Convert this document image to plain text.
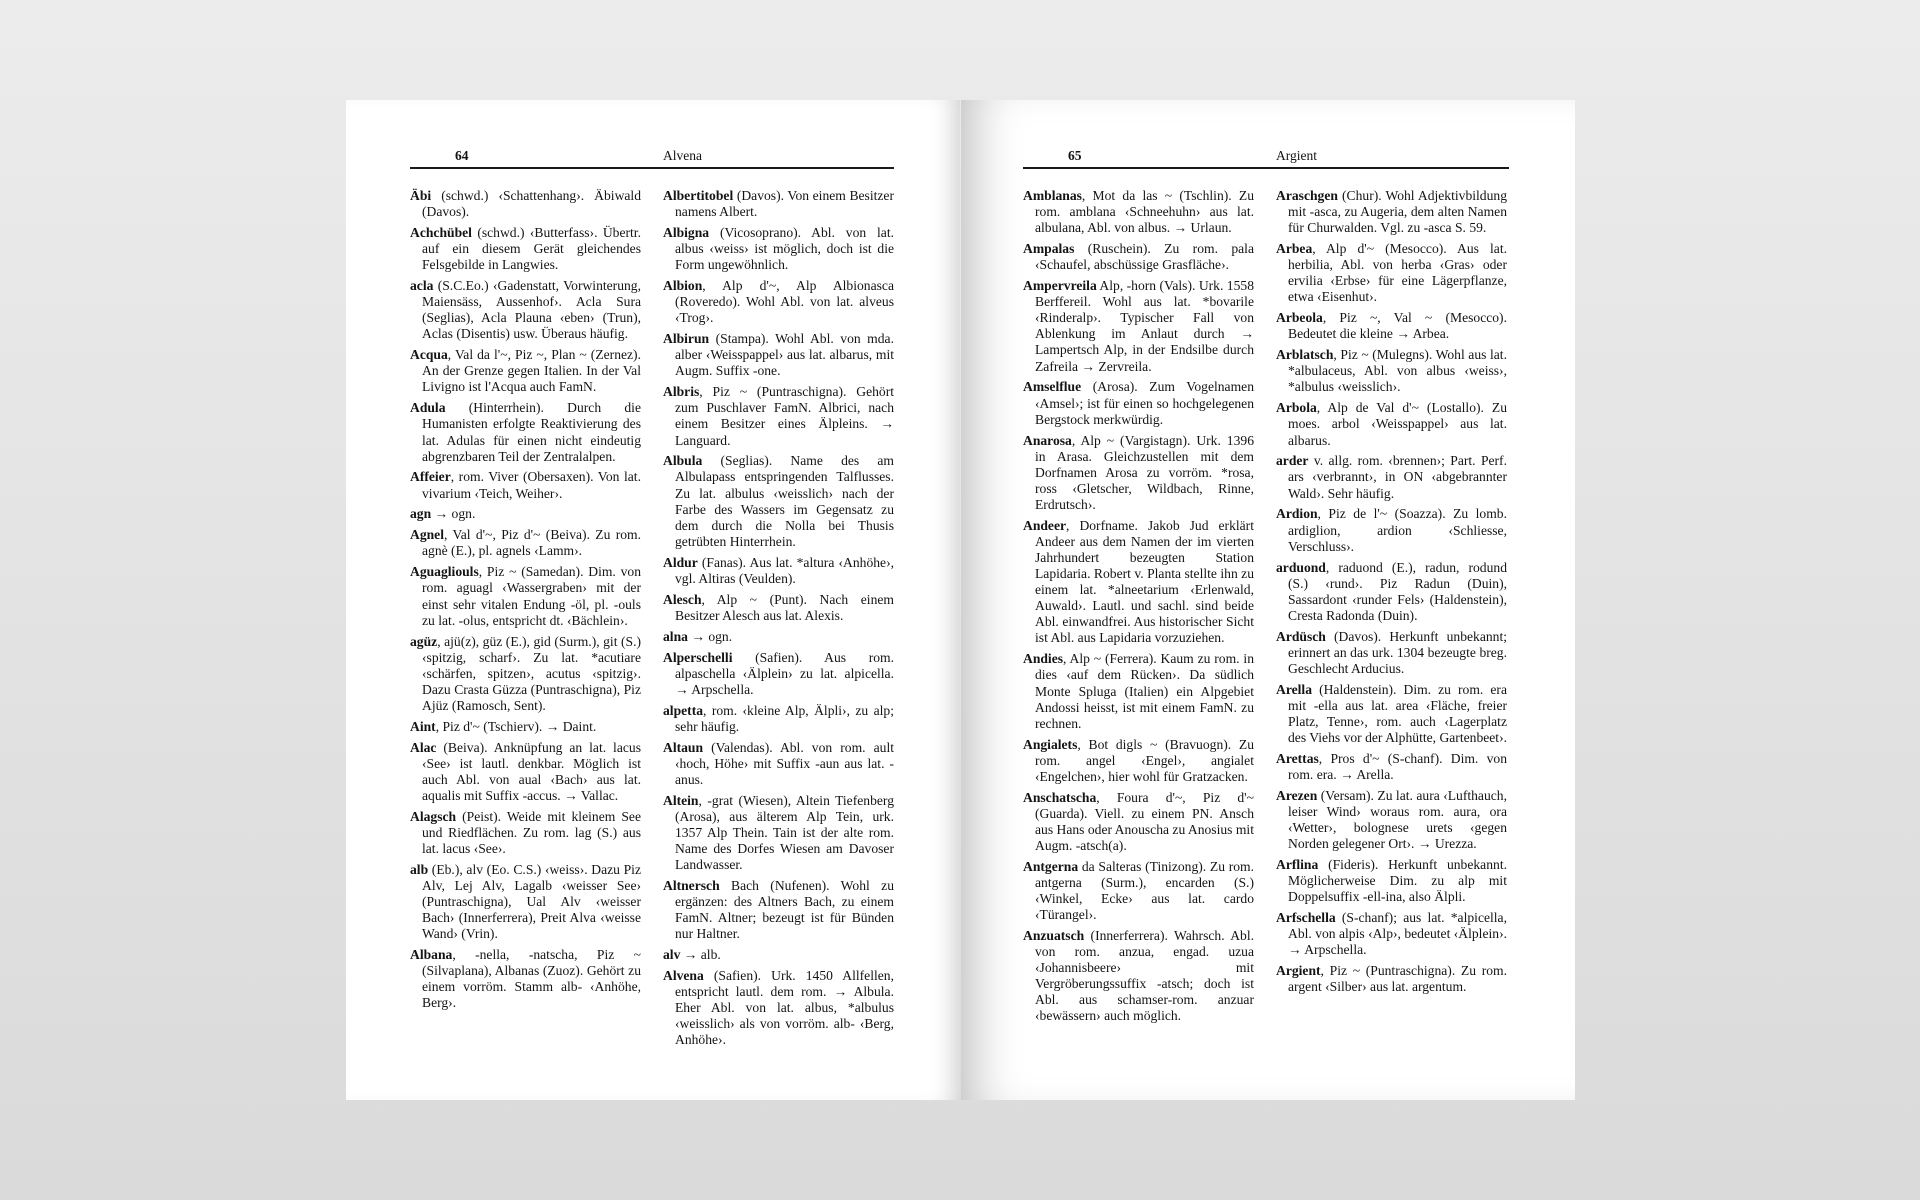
64	Alvena

Äbi (schwd.) ‹Schattenhang›. Äbiwald (Davos).

Achchübel (schwd.) ‹Butterfass›. Übertr. auf ein diesem Gerät gleichendes Felsgebilde in Langwies.

acla (S.C.Eo.) ‹Gadenstatt, Vorwinterung, Maiensäss, Aussenhof›. Acla Sura (Seglias), Acla Plauna ‹eben› (Trun), Aclas (Disentis) usw. Überaus häufig.

Acqua, Val da l'~, Piz ~, Plan ~ (Zernez). An der Grenze gegen Italien. In der Val Livigno ist l'Acqua auch FamN.

Adula (Hinterrhein). Durch die Humanisten erfolgte Reaktivierung des lat. Adulas für einen nicht eindeutig abgrenzbaren Teil der Zentralalpen.

Affeier, rom. Viver (Obersaxen). Von lat. vivarium ‹Teich, Weiher›.

agn → ogn.

Agnel, Val d'~, Piz d'~ (Beiva). Zu rom. agnè (E.), pl. agnels ‹Lamm›.

Aguagliouls, Piz ~ (Samedan). Dim. von rom. aguagl ‹Wassergraben› mit der einst sehr vitalen Endung -öl, pl. -ouls zu lat. -olus, entspricht dt. ‹Bächlein›.

agüz, ajü(z), güz (E.), gid (Surm.), git (S.) ‹spitzig, scharf›. Zu lat. *acutiare ‹schärfen, spitzen›, acutus ‹spitzig›. Dazu Crasta Güzza (Puntraschigna), Piz Ajüz (Ramosch, Sent).

Aint, Piz d'~ (Tschierv). → Daint.

Alac (Beiva). Anknüpfung an lat. lacus ‹See› ist lautl. denkbar. Möglich ist auch Abl. von aual ‹Bach› aus lat. aqualis mit Suffix -accus. → Vallac.

Alagsch (Peist). Weide mit kleinem See und Riedflächen. Zu rom. lag (S.) aus lat. lacus ‹See›.

alb (Eb.), alv (Eo. C.S.) ‹weiss›. Dazu Piz Alv, Lej Alv, Lagalb ‹weisser See› (Puntraschigna), Ual Alv ‹weisser Bach› (Innerferrera), Preit Alva ‹weisse Wand› (Vrin).

Albana, -nella, -natscha, Piz ~ (Silvaplana), Albanas (Zuoz). Gehört zu einem vorröm. Stamm alb- ‹Anhöhe, Berg›.

Albertitobel (Davos). Von einem Besitzer namens Albert.

Albigna (Vicosoprano). Abl. von lat. albus ‹weiss› ist möglich, doch ist die Form ungewöhnlich.

Albion, Alp d'~, Alp Albionasca (Roveredo). Wohl Abl. von lat. alveus ‹Trog›.

Albirun (Stampa). Wohl Abl. von mda. alber ‹Weisspappel› aus lat. albarus, mit Augm. Suffix -one.

Albris, Piz ~ (Puntraschigna). Gehört zum Puschlaver FamN. Albrici, nach einem Besitzer eines Älpleins. → Languard.

Albula (Seglias). Name des am Albulapass entspringenden Talflusses. Zu lat. albulus ‹weisslich› nach der Farbe des Wassers im Gegensatz zu dem durch die Nolla bei Thusis getrübten Hinterrhein.

Aldur (Fanas). Aus lat. *altura ‹Anhöhe›, vgl. Altiras (Veulden).

Alesch, Alp ~ (Punt). Nach einem Besitzer Alesch aus lat. Alexis.

alna → ogn.

Alperschelli (Safien). Aus rom. alpaschella ‹Älplein› zu lat. alpicella. → Arpschella.

alpetta, rom. ‹kleine Alp, Älpli›, zu alp; sehr häufig.

Altaun (Valendas). Abl. von rom. ault ‹hoch, Höhe› mit Suffix -aun aus lat. -anus.

Altein, -grat (Wiesen), Altein Tiefenberg (Arosa), aus älterem Alp Tein, urk. 1357 Alp Thein. Tain ist der alte rom. Name des Dorfes Wiesen am Davoser Landwasser.

Altnersch Bach (Nufenen). Wohl zu ergänzen: des Altners Bach, zu einem FamN. Altner; bezeugt ist für Bünden nur Haltner.

alv → alb.

Alvena (Safien). Urk. 1450 Allfellen, entspricht lautl. dem rom. → Albula. Eher Abl. von lat. albus, *albulus ‹weisslich› als von vorröm. alb- ‹Berg, Anhöhe›.

65	Argient

Amblanas, Mot da las ~ (Tschlin). Zu rom. amblana ‹Schneehuhn› aus lat. albulana, Abl. von albus. → Urlaun.

Ampalas (Ruschein). Zu rom. pala ‹Schaufel, abschüssige Grasfläche›.

Ampervreila Alp, -horn (Vals). Urk. 1558 Berffereil. Wohl aus lat. *bovarile ‹Rinderalp›. Typischer Fall von Ablenkung im Anlaut durch → Lampertsch Alp, in der Endsilbe durch Zafreila → Zervreila.

Amselflue (Arosa). Zum Vogelnamen ‹Amsel›; ist für einen so hochgelegenen Bergstock merkwürdig.

Anarosa, Alp ~ (Vargistagn). Urk. 1396 in Arasa. Gleichzustellen mit dem Dorfnamen Arosa zu vorröm. *rosa, ross ‹Gletscher, Wildbach, Rinne, Erdrutsch›.

Andeer, Dorfname. Jakob Jud erklärt Andeer aus dem Namen der im vierten Jahrhundert bezeugten Station Lapidaria. Robert v. Planta stellte ihn zu einem lat. *alneetarium ‹Erlenwald, Auwald›. Lautl. und sachl. sind beide Abl. einwandfrei. Aus historischer Sicht ist Abl. aus Lapidaria vorzuziehen.

Andies, Alp ~ (Ferrera). Kaum zu rom. in dies ‹auf dem Rücken›. Da südlich Monte Spluga (Italien) ein Alpgebiet Andossi heisst, ist mit einem FamN. zu rechnen.

Angialets, Bot digls ~ (Bravuogn). Zu rom. angel ‹Engel›, angialet ‹Engelchen›, hier wohl für Gratzacken.

Anschatscha, Foura d'~, Piz d'~ (Guarda). Viell. zu einem PN. Ansch aus Hans oder Anouscha zu Anosius mit Augm. -atsch(a).

Antgerna da Salteras (Tinizong). Zu rom. antgerna (Surm.), encarden (S.) ‹Winkel, Ecke› aus lat. cardo ‹Türangel›.

Anzuatsch (Innerferrera). Wahrsch. Abl. von rom. anzua, engad. uzua ‹Johannisbeere› mit Vergröberungssuffix -atsch; doch ist Abl. aus schamser-rom. anzuar ‹bewässern› auch möglich.

Araschgen (Chur). Wohl Adjektivbildung mit -asca, zu Augeria, dem alten Namen für Churwalden. Vgl. zu -asca S. 59.

Arbea, Alp d'~ (Mesocco). Aus lat. herbilia, Abl. von herba ‹Gras› oder ervilia ‹Erbse› für eine Lägerpflanze, etwa ‹Eisenhut›.

Arbeola, Piz ~, Val ~ (Mesocco). Bedeutet die kleine → Arbea.

Arblatsch, Piz ~ (Mulegns). Wohl aus lat. *albulaceus, Abl. von albus ‹weiss›, *albulus ‹weisslich›.

Arbola, Alp de Val d'~ (Lostallo). Zu moes. arbol ‹Weisspappel› aus lat. albarus.

arder v. allg. rom. ‹brennen›; Part. Perf. ars ‹verbrannt›, in ON ‹abgebrannter Wald›. Sehr häufig.

Ardion, Piz de l'~ (Soazza). Zu lomb. ardiglion, ardion ‹Schliesse, Verschluss›.

arduond, raduond (E.), radun, rodund (S.) ‹rund›. Piz Radun (Duin), Sassardont ‹runder Fels› (Haldenstein), Cresta Radonda (Duin).

Ardüsch (Davos). Herkunft unbekannt; erinnert an das urk. 1304 bezeugte breg. Geschlecht Arducius.

Arella (Haldenstein). Dim. zu rom. era mit -ella aus lat. area ‹Fläche, freier Platz, Tenne›, rom. auch ‹Lagerplatz des Viehs vor der Alphütte, Gartenbeet›.

Arettas, Pros d'~ (S-chanf). Dim. von rom. era. → Arella.

Arezen (Versam). Zu lat. aura ‹Lufthauch, leiser Wind› woraus rom. aura, ora ‹Wetter›, bolognese urets ‹gegen Norden gelegener Ort›. → Urezza.

Arflina (Fideris). Herkunft unbekannt. Möglicherweise Dim. zu alp mit Doppelsuffix -ell-ina, also Älpli.

Arfschella (S-chanf); aus lat. *alpicella, Abl. von alpis ‹Alp›, bedeutet ‹Älplein›. → Arpschella.

Argient, Piz ~ (Puntraschigna). Zu rom. argent ‹Silber› aus lat. argentum.
